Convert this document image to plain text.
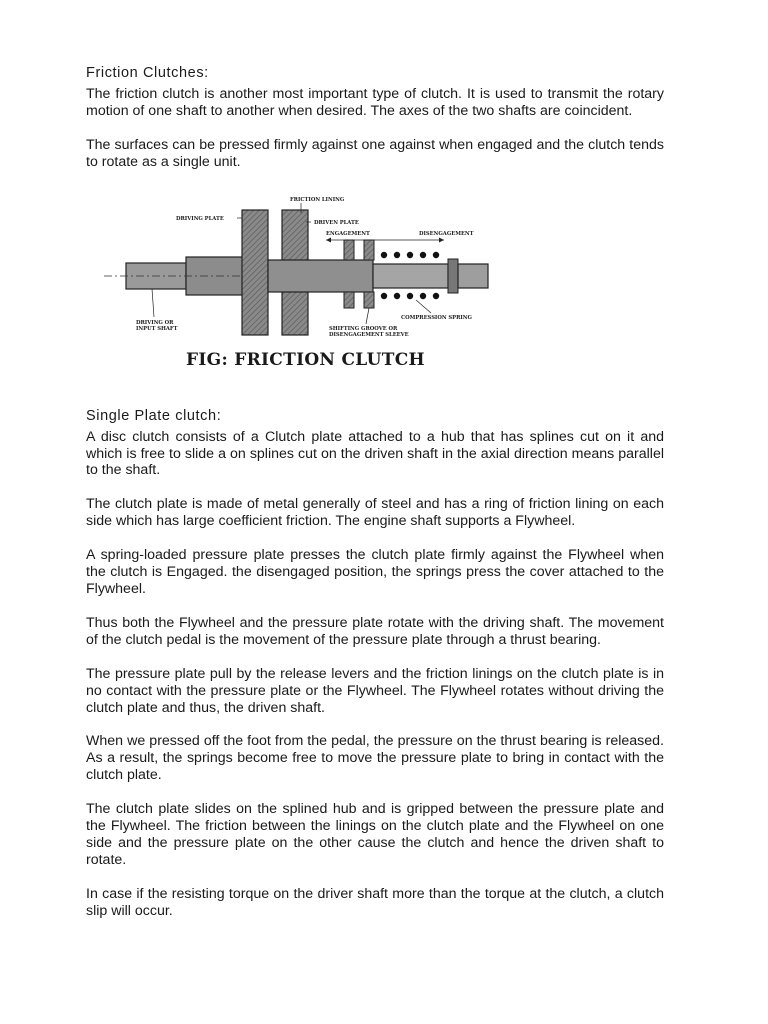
Friction Clutches:

The friction clutch is another most important type of clutch. It is used to transmit the rotary motion of one shaft to another when desired. The axes of the two shafts are coincident.

The surfaces can be pressed firmly against one against when engaged and the clutch tends to rotate as a single unit.

FRICTION LINING
DRIVING PLATE
DRIVEN PLATE
ENGAGEMENT	DISENGAGEMENT
DRIVING OR
INPUT SHAFT	SHIFTING GROOVE OR
DISENGAGEMENT SLEEVE
COMPRESSION SPRING
FIG: FRICTION CLUTCH
Single Plate clutch:

A disc clutch consists of a Clutch plate attached to a hub that has splines cut on it and which is free to slide a on splines cut on the driven shaft in the axial direction means parallel to the shaft.

The clutch plate is made of metal generally of steel and has a ring of friction lining on each side which has large coefficient friction. The engine shaft supports a Flywheel.

A spring-loaded pressure plate presses the clutch plate firmly against the Flywheel when the clutch is Engaged. the disengaged position, the springs press the cover attached to the Flywheel.

Thus both the Flywheel and the pressure plate rotate with the driving shaft. The movement of the clutch pedal is the movement of the pressure plate through a thrust bearing.

The pressure plate pull by the release levers and the friction linings on the clutch plate is in no contact with the pressure plate or the Flywheel. The Flywheel rotates without driving the clutch plate and thus, the driven shaft.

When we pressed off the foot from the pedal, the pressure on the thrust bearing is released. As a result, the springs become free to move the pressure plate to bring in contact with the clutch plate.

The clutch plate slides on the splined hub and is gripped between the pressure plate and the Flywheel. The friction between the linings on the clutch plate and the Flywheel on one side and the pressure plate on the other cause the clutch and hence the driven shaft to rotate.

In case if the resisting torque on the driver shaft more than the torque at the clutch, a clutch slip will occur.
